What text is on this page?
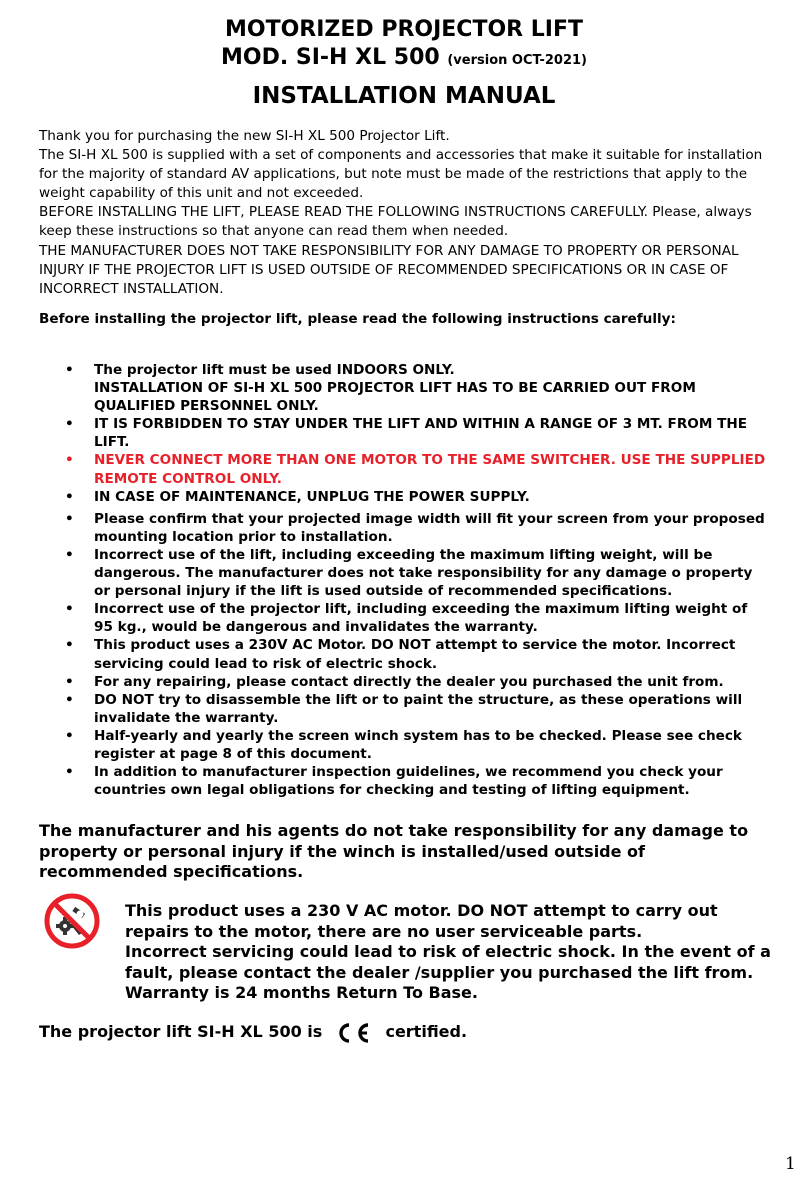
MOTORIZED PROJECTOR LIFT
MOD. SI-H XL 500 (version OCT-2021)
INSTALLATION MANUAL

Thank you for purchasing the new SI-H XL 500 Projector Lift.

The SI-H XL 500 is supplied with a set of components and accessories that make it suitable for installation for the majority of standard AV applications, but note must be made of the restrictions that apply to the weight capability of this unit and not exceeded.

BEFORE INSTALLING THE LIFT, PLEASE READ THE FOLLOWING INSTRUCTIONS CAREFULLY. Please, always keep these instructions so that anyone can read them when needed.

THE MANUFACTURER DOES NOT TAKE RESPONSIBILITY FOR ANY DAMAGE TO PROPERTY OR PERSONAL INJURY IF THE PROJECTOR LIFT IS USED OUTSIDE OF RECOMMENDED SPECIFICATIONS OR IN CASE OF INCORRECT INSTALLATION.

Before installing the projector lift, please read the following instructions carefully:
• The projector lift must be used INDOORS ONLY.
INSTALLATION OF SI-H XL 500 PROJECTOR LIFT HAS TO BE CARRIED OUT FROM QUALIFIED PERSONNEL ONLY.
• IT IS FORBIDDEN TO STAY UNDER THE LIFT AND WITHIN A RANGE OF 3 MT. FROM THE LIFT.
• NEVER CONNECT MORE THAN ONE MOTOR TO THE SAME SWITCHER. USE THE SUPPLIED REMOTE CONTROL ONLY.
• IN CASE OF MAINTENANCE, UNPLUG THE POWER SUPPLY.
• Please confirm that your projected image width will fit your screen from your proposed mounting location prior to installation.
• Incorrect use of the lift, including exceeding the maximum lifting weight, will be dangerous. The manufacturer does not take responsibility for any damage o property or personal injury if the lift is used outside of recommended specifications.
• Incorrect use of the projector lift, including exceeding the maximum lifting weight of 95 kg., would be dangerous and invalidates the warranty.
• This product uses a 230V AC Motor. DO NOT attempt to service the motor. Incorrect servicing could lead to risk of electric shock.
• For any repairing, please contact directly the dealer you purchased the unit from.
• DO NOT try to disassemble the lift or to paint the structure, as these operations will invalidate the warranty.
• Half-yearly and yearly the screen winch system has to be checked. Please see check register at page 8 of this document.
• In addition to manufacturer inspection guidelines, we recommend you check your countries own legal obligations for checking and testing of lifting equipment.
The manufacturer and his agents do not take responsibility for any damage to property or personal injury if the winch is installed/used outside of recommended specifications.

This product uses a 230 V AC motor. DO NOT attempt to carry out repairs to the motor, there are no user serviceable parts.

Incorrect servicing could lead to risk of electric shock. In the event of a fault, please contact the dealer /supplier you purchased the lift from.

Warranty is 24 months Return To Base.

The projector lift SI-H XL 500 is	certified.
1
